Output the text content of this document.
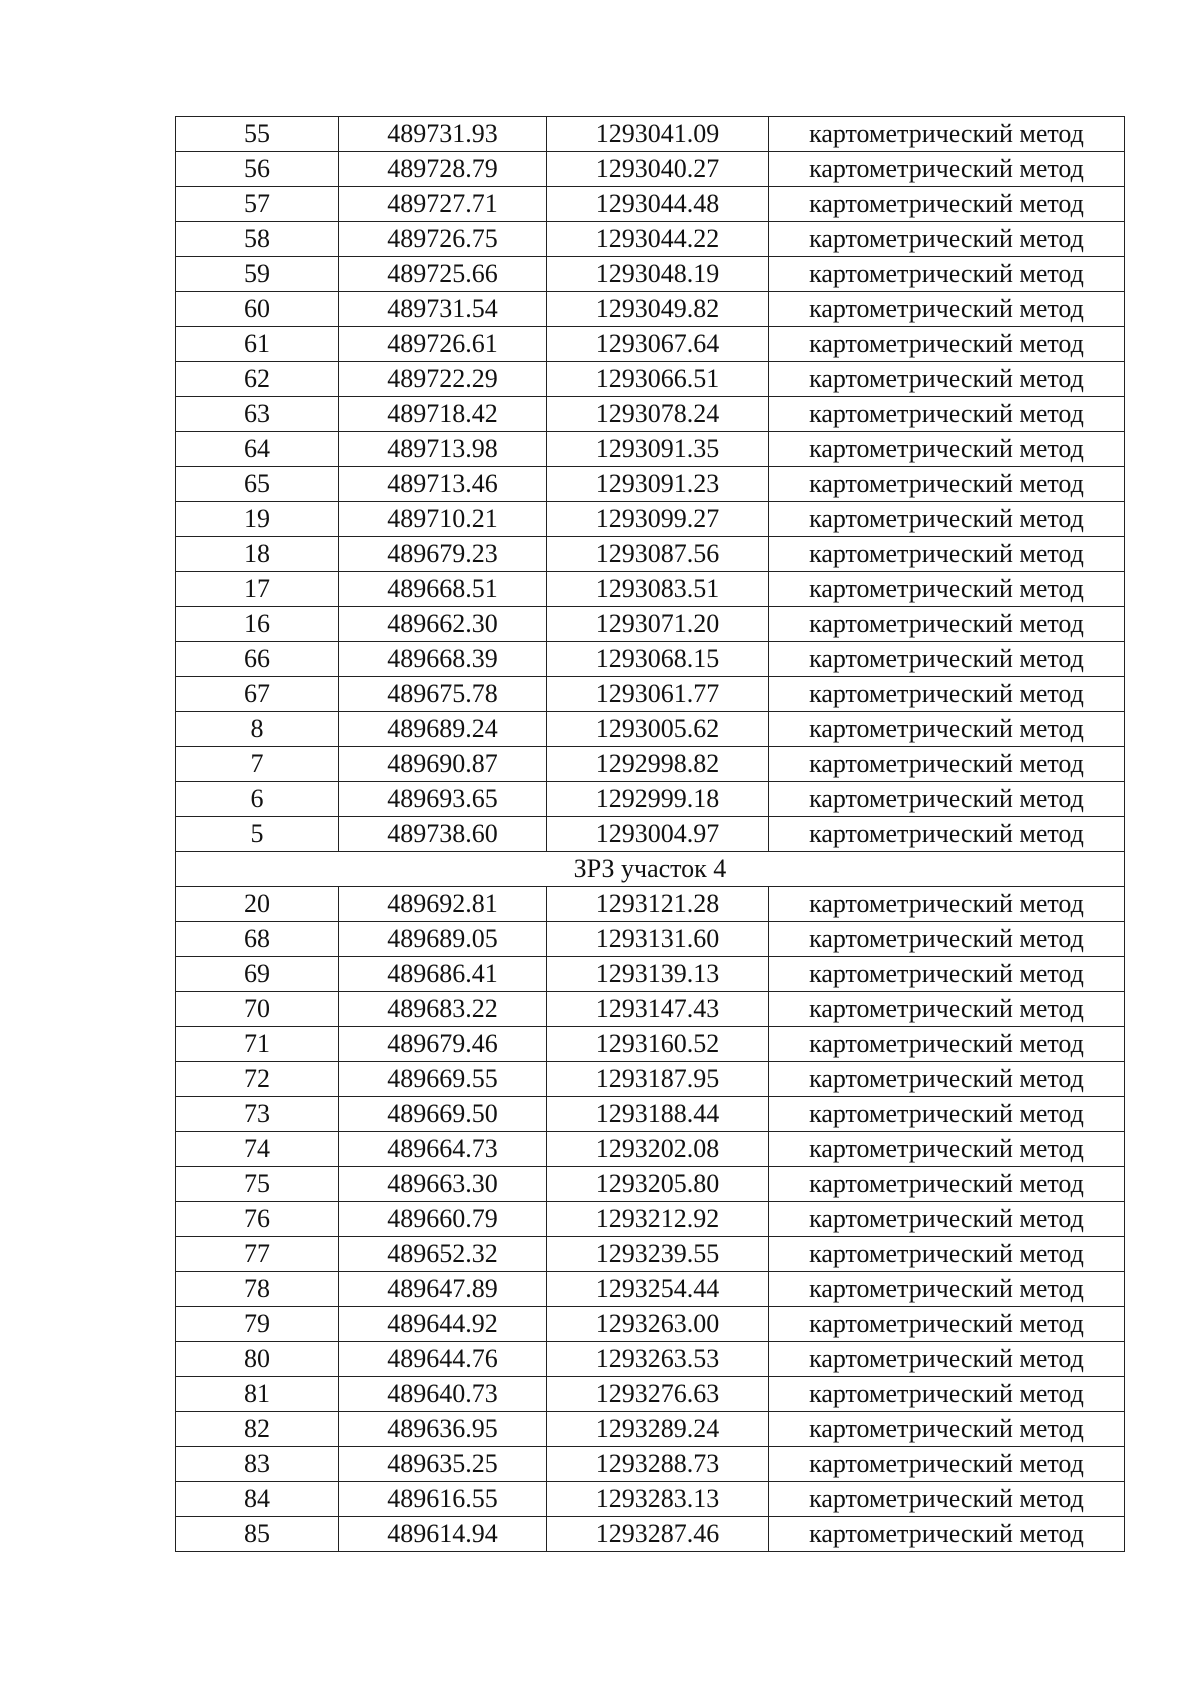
55	489731.93	1293041.09	картометрический метод
56	489728.79	1293040.27	картометрический метод
57	489727.71	1293044.48	картометрический метод
58	489726.75	1293044.22	картометрический метод
59	489725.66	1293048.19	картометрический метод
60	489731.54	1293049.82	картометрический метод
61	489726.61	1293067.64	картометрический метод
62	489722.29	1293066.51	картометрический метод
63	489718.42	1293078.24	картометрический метод
64	489713.98	1293091.35	картометрический метод
65	489713.46	1293091.23	картометрический метод
19	489710.21	1293099.27	картометрический метод
18	489679.23	1293087.56	картометрический метод
17	489668.51	1293083.51	картометрический метод
16	489662.30	1293071.20	картометрический метод
66	489668.39	1293068.15	картометрический метод
67	489675.78	1293061.77	картометрический метод
8	489689.24	1293005.62	картометрический метод
7	489690.87	1292998.82	картометрический метод
6	489693.65	1292999.18	картометрический метод
5	489738.60	1293004.97	картометрический метод
ЗРЗ участок 4			
20	489692.81	1293121.28	картометрический метод
68	489689.05	1293131.60	картометрический метод
69	489686.41	1293139.13	картометрический метод
70	489683.22	1293147.43	картометрический метод
71	489679.46	1293160.52	картометрический метод
72	489669.55	1293187.95	картометрический метод
73	489669.50	1293188.44	картометрический метод
74	489664.73	1293202.08	картометрический метод
75	489663.30	1293205.80	картометрический метод
76	489660.79	1293212.92	картометрический метод
77	489652.32	1293239.55	картометрический метод
78	489647.89	1293254.44	картометрический метод
79	489644.92	1293263.00	картометрический метод
80	489644.76	1293263.53	картометрический метод
81	489640.73	1293276.63	картометрический метод
82	489636.95	1293289.24	картометрический метод
83	489635.25	1293288.73	картометрический метод
84	489616.55	1293283.13	картометрический метод
85	489614.94	1293287.46	картометрический метод
